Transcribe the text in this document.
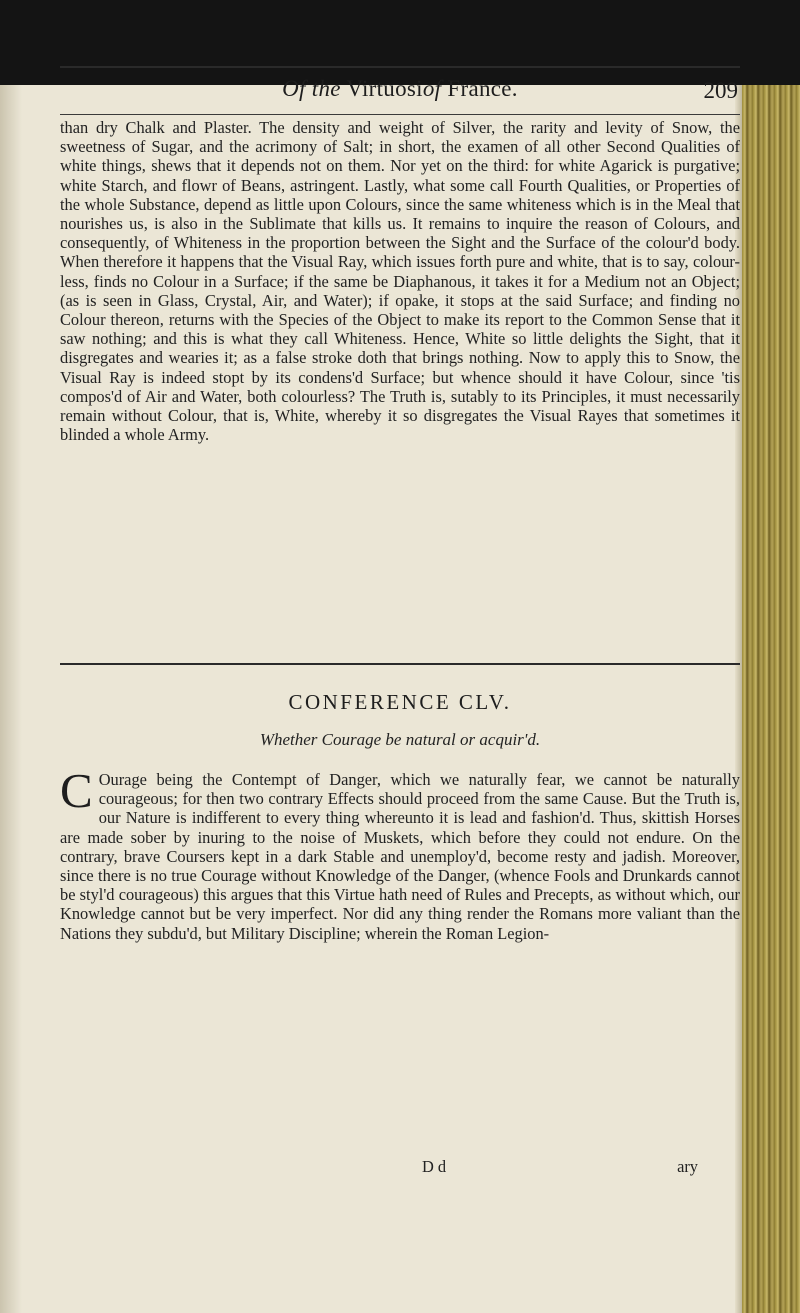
Of the Virtuosiof France.	209
than dry Chalk and Plaster. The density and weight of Silver, the rarity and levity of Snow, the sweetness of Sugar, and the acrimony of Salt; in short, the examen of all other Second Qualities of white things, shews that it depends not on them. Nor yet on the third: for white Agarick is purgative; white Starch, and flowr of Beans, astringent. Lastly, what some call Fourth Qualities, or Properties of the whole Substance, depend as little upon Colours, since the same whiteness which is in the Meal that nourishes us, is also in the Sublimate that kills us. It remains to inquire the reason of Colours, and consequently, of Whiteness in the proportion between the Sight and the Surface of the colour'd body. When therefore it happens that the Visual Ray, which issues forth pure and white, that is to say, colour-less, finds no Colour in a Surface; if the same be Diaphanous, it takes it for a Medium not an Object; (as is seen in Glass, Crystal, Air, and Water); if opake, it stops at the said Surface; and finding no Colour thereon, returns with the Species of the Object to make its report to the Common Sense that it saw nothing; and this is what they call Whiteness. Hence, White so little delights the Sight, that it disgregates and wearies it; as a false stroke doth that brings nothing. Now to apply this to Snow, the Visual Ray is indeed stopt by its condens'd Surface; but whence should it have Colour, since 'tis compos'd of Air and Water, both colourless? The Truth is, sutably to its Principles, it must necessarily remain without Colour, that is, White, whereby it so disgregates the Visual Rayes that sometimes it blinded a whole Army.
CONFERENCE CLV.
Whether Courage be natural or acquir'd.
C Ourage being the Contempt of Danger, which we naturally fear, we cannot be naturally courageous; for then two contrary Effects should proceed from the same Cause. But the Truth is, our Nature is indifferent to every thing whereunto it is lead and fashion'd. Thus, skittish Horses are made sober by inuring to the noise of Muskets, which before they could not endure. On the contrary, brave Coursers kept in a dark Stable and unemploy'd, become resty and jadish. Moreover, since there is no true Courage without Knowledge of the Danger, (whence Fools and Drunkards cannot be styl'd courageous) this argues that this Virtue hath need of Rules and Precepts, as without which, our Knowledge cannot but be very imperfect. Nor did any thing render the Romans more valiant than the Nations they subdu'd, but Military Discipline; wherein the Roman Legion-
D d	ary
